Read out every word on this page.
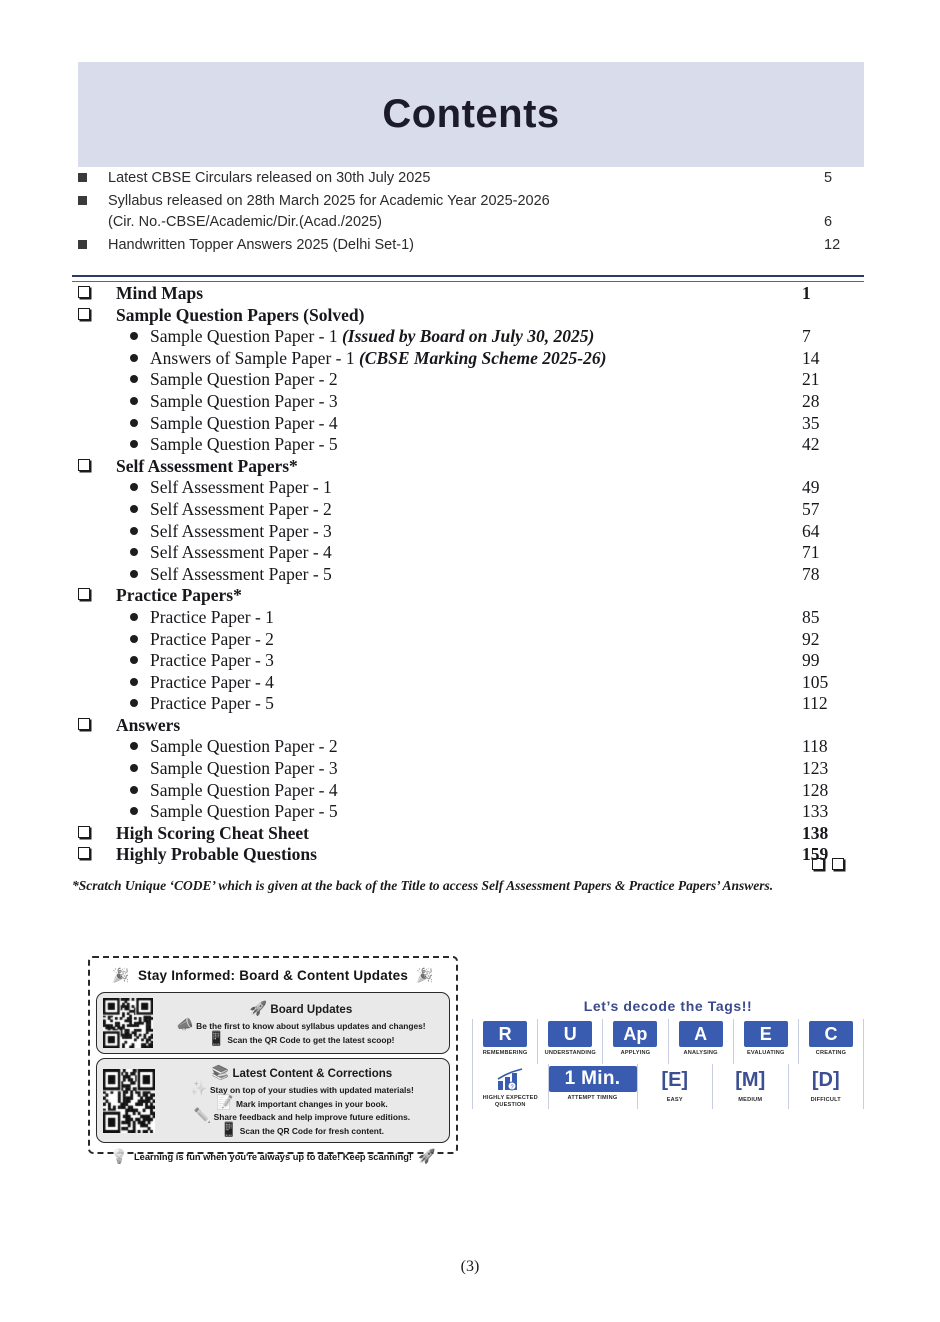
Contents
Latest CBSE Circulars released on 30th July 2025	5
Syllabus released on 28th March 2025 for Academic Year 2025-2026
(Cir. No.-CBSE/Academic/Dir.(Acad./2025)	6
Handwritten Topper Answers 2025 (Delhi Set-1)	12
Mind Maps	1
Sample Question Papers (Solved)
Sample Question Paper - 1 (Issued by Board on July 30, 2025)	7
Answers of Sample Paper - 1 (CBSE Marking Scheme 2025-26)	14
Sample Question Paper - 2	21
Sample Question Paper - 3	28
Sample Question Paper - 4	35
Sample Question Paper - 5	42
Self Assessment Papers*
Self Assessment Paper - 1	49
Self Assessment Paper - 2	57
Self Assessment Paper - 3	64
Self Assessment Paper - 4	71
Self Assessment Paper - 5	78
Practice Papers*
Practice Paper - 1	85
Practice Paper - 2	92
Practice Paper - 3	99
Practice Paper - 4	105
Practice Paper - 5	112
Answers
Sample Question Paper - 2	118
Sample Question Paper - 3	123
Sample Question Paper - 4	128
Sample Question Paper - 5	133
High Scoring Cheat Sheet	138
Highly Probable Questions	159
*Scratch Unique ‘CODE’ which is given at the back of the Title to access Self Assessment Papers & Practice Papers’ Answers.
🎉 Stay Informed: Board & Content Updates 🎉
🚀 Board Updates
📣 Be the first to know about syllabus updates and changes!
📱 Scan the QR Code to get the latest scoop!
📚 Latest Content & Corrections
✨ Stay on top of your studies with updated materials!
📝 Mark important changes in your book.
✏️ Share feedback and help improve future editions.
📱 Scan the QR Code for fresh content.
💡 Learning is fun when you're always up to date! Keep scanning! 🚀
Let’s decode the Tags!!
R
REMEMBERING
U
UNDERSTANDING
Ap
APPLYING
A
ANALYSING
E
EVALUATING
C
CREATING
?
HIGHLY EXPECTED QUESTION
1 Min.
ATTEMPT TIMING
[E]
EASY
[M]
MEDIUM
[D]
DIFFICULT
(3)
